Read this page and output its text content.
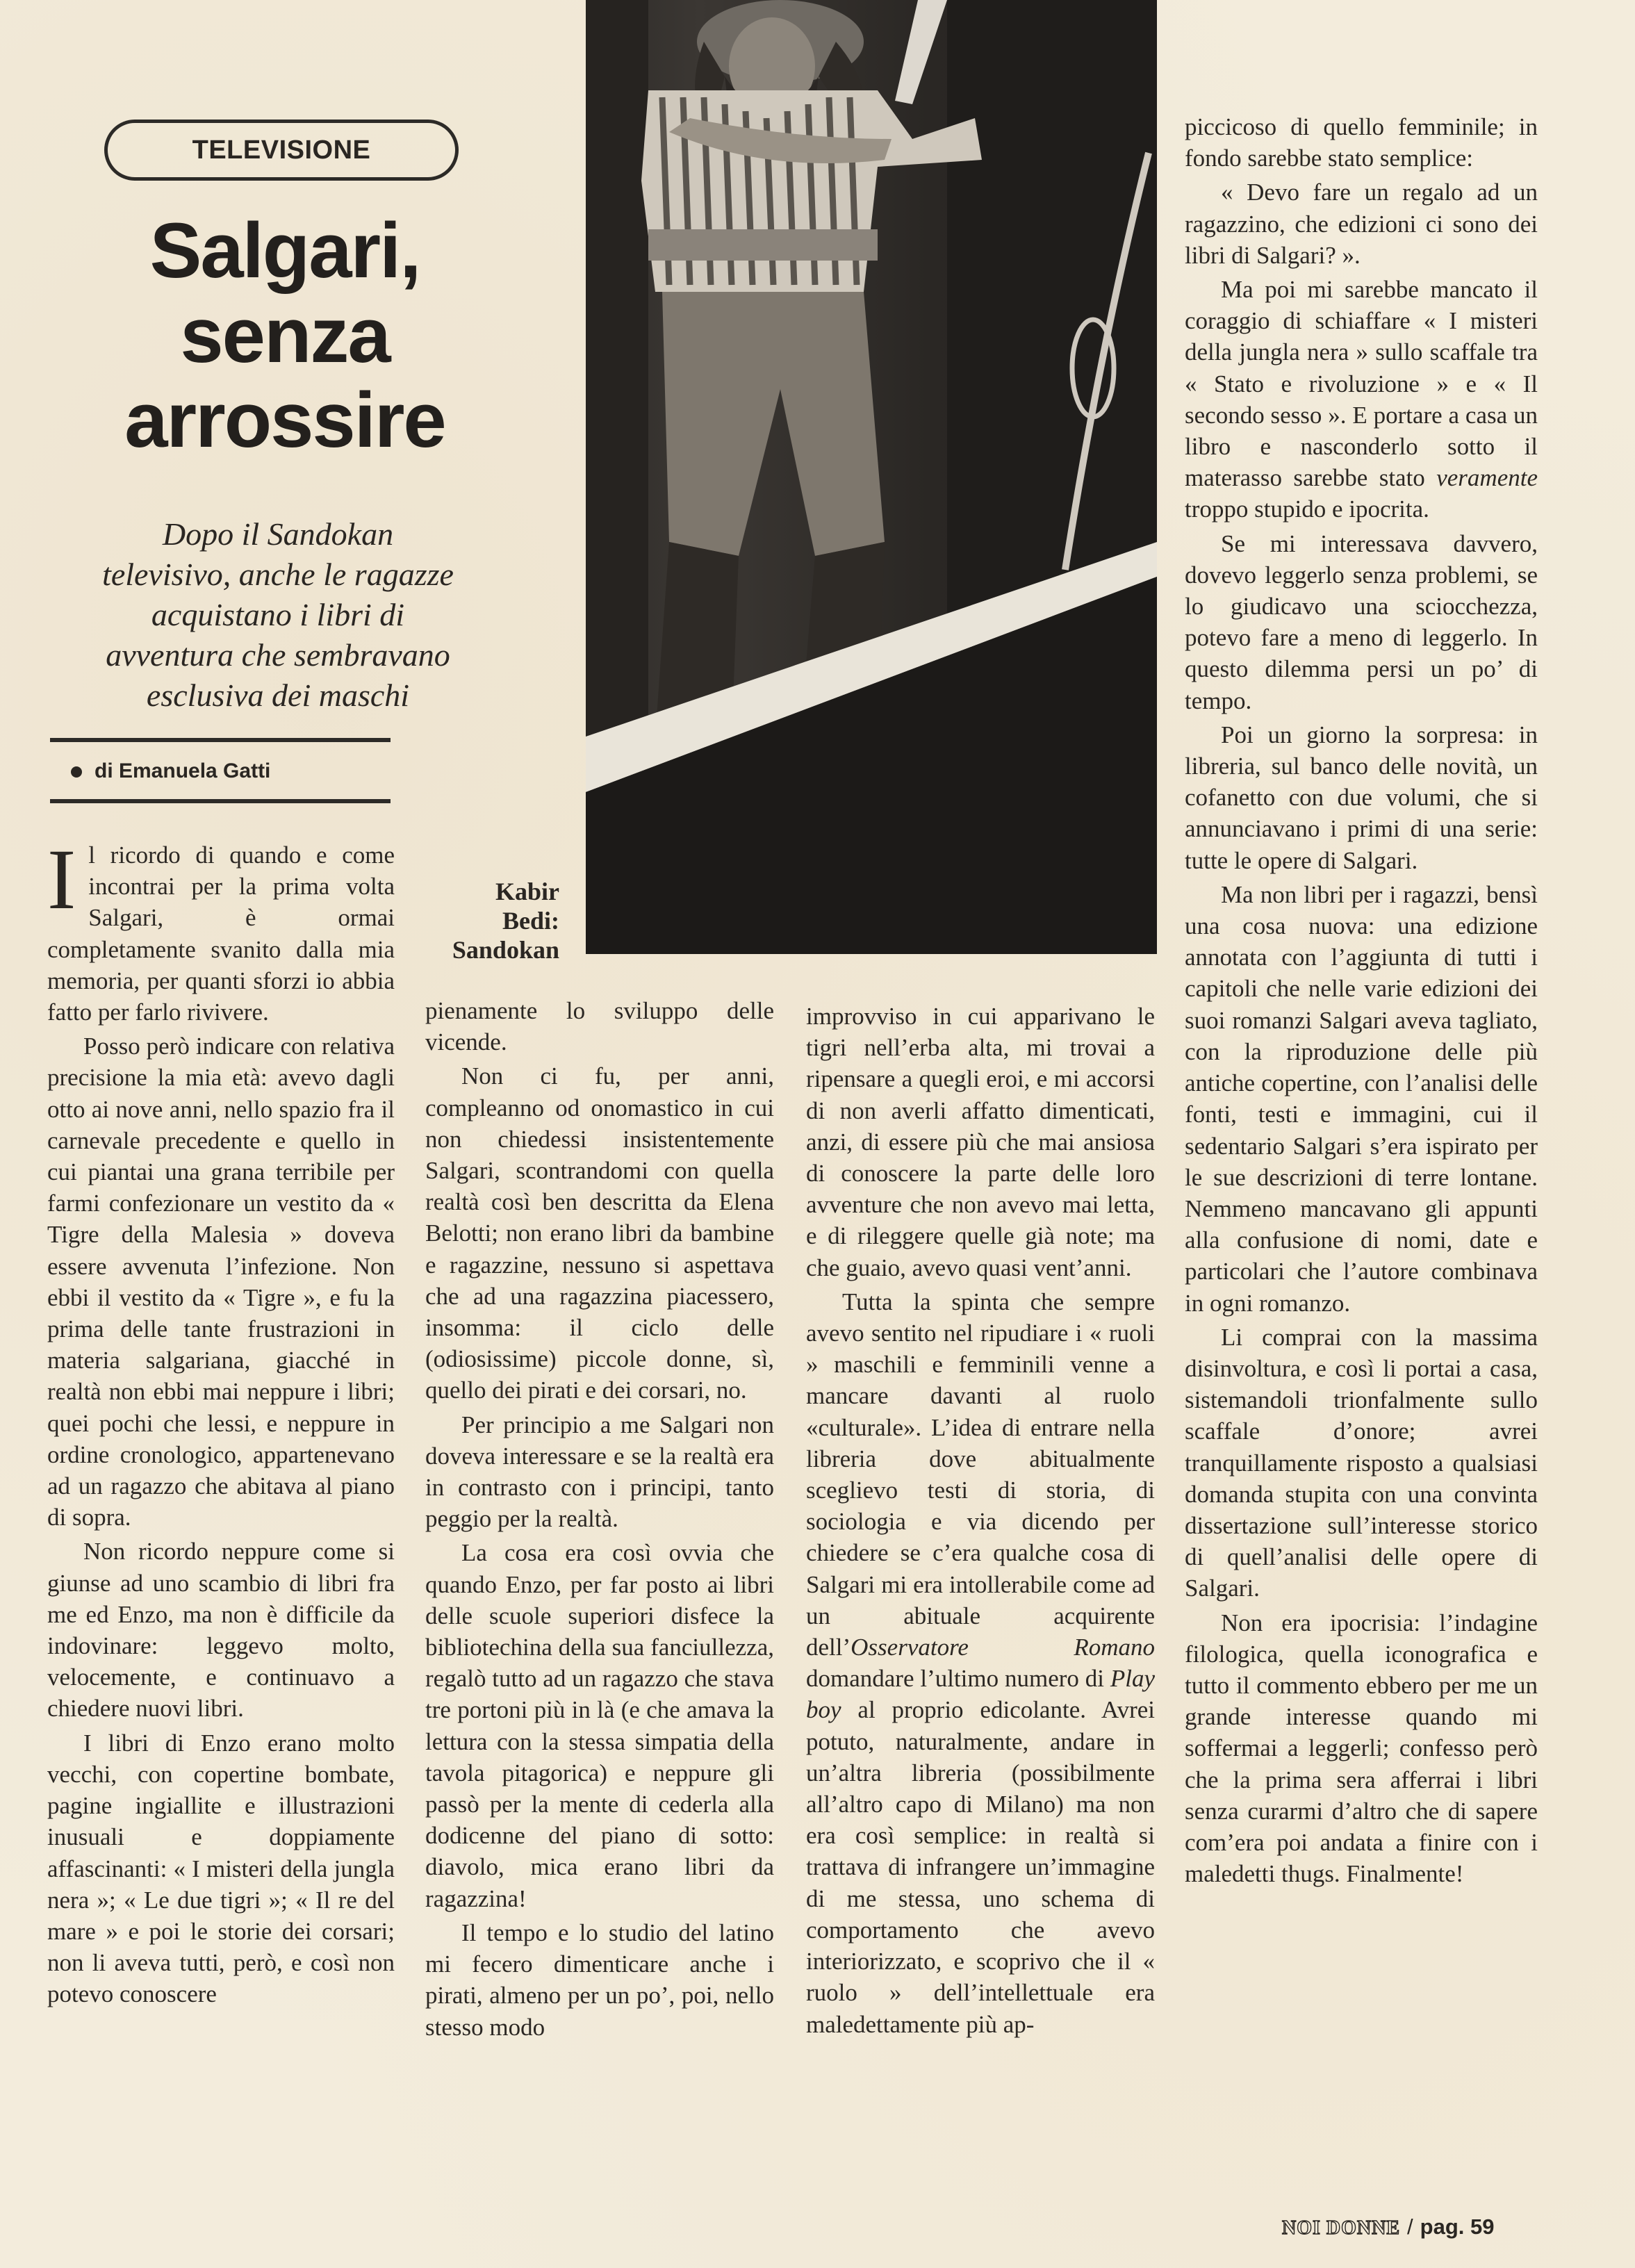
TELEVISIONE
Salgari,
senza
arrossire
Dopo il Sandokan
televisivo, anche le ragazze
acquistano i libri di
avventura che sembravano
esclusiva dei maschi
di Emanuela Gatti
Kabir
Bedi:
Sandokan

Il ricordo di quando e come incontrai per la prima volta Salgari, è ormai completamente svanito dalla mia memoria, per quanti sforzi io abbia fatto per farlo rivivere.

Posso però indicare con relativa precisione la mia età: avevo dagli otto ai nove anni, nello spazio fra il carnevale precedente e quello in cui piantai una grana terribile per farmi confezionare un vestito da « Tigre della Malesia » doveva essere avvenuta l’infezione. Non ebbi il vestito da « Tigre », e fu la prima delle tante frustrazioni in materia salgariana, giacché in realtà non ebbi mai neppure i libri; quei pochi che lessi, e neppure in ordine cronologico, appartenevano ad un ragazzo che abitava al piano di sopra.

Non ricordo neppure come si giunse ad uno scambio di libri fra me ed Enzo, ma non è difficile da indovinare: leggevo molto, velocemente, e continuavo a chiedere nuovi libri.

I libri di Enzo erano molto vecchi, con copertine bombate, pagine ingiallite e illustrazioni inusuali e doppiamente affascinanti: « I misteri della jungla nera »; « Le due tigri »; « Il re del mare » e poi le storie dei corsari; non li aveva tutti, però, e così non potevo conoscere

pienamente lo sviluppo delle vicende.

Non ci fu, per anni, compleanno od onomastico in cui non chiedessi insistentemente Salgari, scontrandomi con quella realtà così ben descritta da Elena Belotti; non erano libri da bambine e ragazzine, nessuno si aspettava che ad una ragazzina piacessero, insomma: il ciclo delle (odiosissime) piccole donne, sì, quello dei pirati e dei corsari, no.

Per principio a me Salgari non doveva interessare e se la realtà era in contrasto con i principi, tanto peggio per la realtà.

La cosa era così ovvia che quando Enzo, per far posto ai libri delle scuole superiori disfece la bibliotechina della sua fanciullezza, regalò tutto ad un ragazzo che stava tre portoni più in là (e che amava la lettura con la stessa simpatia della tavola pitagorica) e neppure gli passò per la mente di cederla alla dodicenne del piano di sotto: diavolo, mica erano libri da ragazzina!

Il tempo e lo studio del latino mi fecero dimenticare anche i pirati, almeno per un po’, poi, nello stesso modo

improvviso in cui apparivano le tigri nell’erba alta, mi trovai a ripensare a quegli eroi, e mi accorsi di non averli affatto dimenticati, anzi, di essere più che mai ansiosa di conoscere la parte delle loro avventure che non avevo mai letta, e di rileggere quelle già note; ma che guaio, avevo quasi vent’anni.

Tutta la spinta che sempre avevo sentito nel ripudiare i « ruoli » maschili e femminili venne a mancare davanti al ruolo «culturale». L’idea di entrare nella libreria dove abitualmente sceglievo testi di storia, di sociologia e via dicendo per chiedere se c’era qualche cosa di Salgari mi era intollerabile come ad un abituale acquirente dell’Osservatore Romano domandare l’ultimo numero di Play boy al proprio edicolante. Avrei potuto, naturalmente, andare in un’altra libreria (possibilmente all’altro capo di Milano) ma non era così semplice: in realtà si trattava di infrangere un’immagine di me stessa, uno schema di comportamento che avevo interiorizzato, e scoprivo che il « ruolo » dell’intellettuale era maledettamente più ap-

piccicoso di quello femminile; in fondo sarebbe stato semplice:

« Devo fare un regalo ad un ragazzino, che edizioni ci sono dei libri di Salgari? ».

Ma poi mi sarebbe mancato il coraggio di schiaffare « I misteri della jungla nera » sullo scaffale tra « Stato e rivoluzione » e « Il secondo sesso ». E portare a casa un libro e nasconderlo sotto il materasso sarebbe stato veramente troppo stupido e ipocrita.

Se mi interessava davvero, dovevo leggerlo senza problemi, se lo giudicavo una sciocchezza, potevo fare a meno di leggerlo. In questo dilemma persi un po’ di tempo.

Poi un giorno la sorpresa: in libreria, sul banco delle novità, un cofanetto con due volumi, che si annunciavano i primi di una serie: tutte le opere di Salgari.

Ma non libri per i ragazzi, bensì una cosa nuova: una edizione annotata con l’aggiunta di tutti i capitoli che nelle varie edizioni dei suoi romanzi Salgari aveva tagliato, con la riproduzione delle più antiche copertine, con l’analisi delle fonti, testi e immagini, cui il sedentario Salgari s’era ispirato per le sue descrizioni di terre lontane. Nemmeno mancavano gli appunti alla confusione di nomi, date e particolari che l’autore combinava in ogni romanzo.

Li comprai con la massima disinvoltura, e così li portai a casa, sistemandoli trionfalmente sullo scaffale d’onore; avrei tranquillamente risposto a qualsiasi domanda stupita con una convinta dissertazione sull’interesse storico di quell’analisi delle opere di Salgari.

Non era ipocrisia: l’indagine filologica, quella iconografica e tutto il commento ebbero per me un grande interesse quando mi soffermai a leggerli; confesso però che la prima sera afferrai i libri senza curarmi d’altro che di sapere com’era poi andata a finire con i maledetti thugs. Finalmente!

NOI DONNE / pag. 59
